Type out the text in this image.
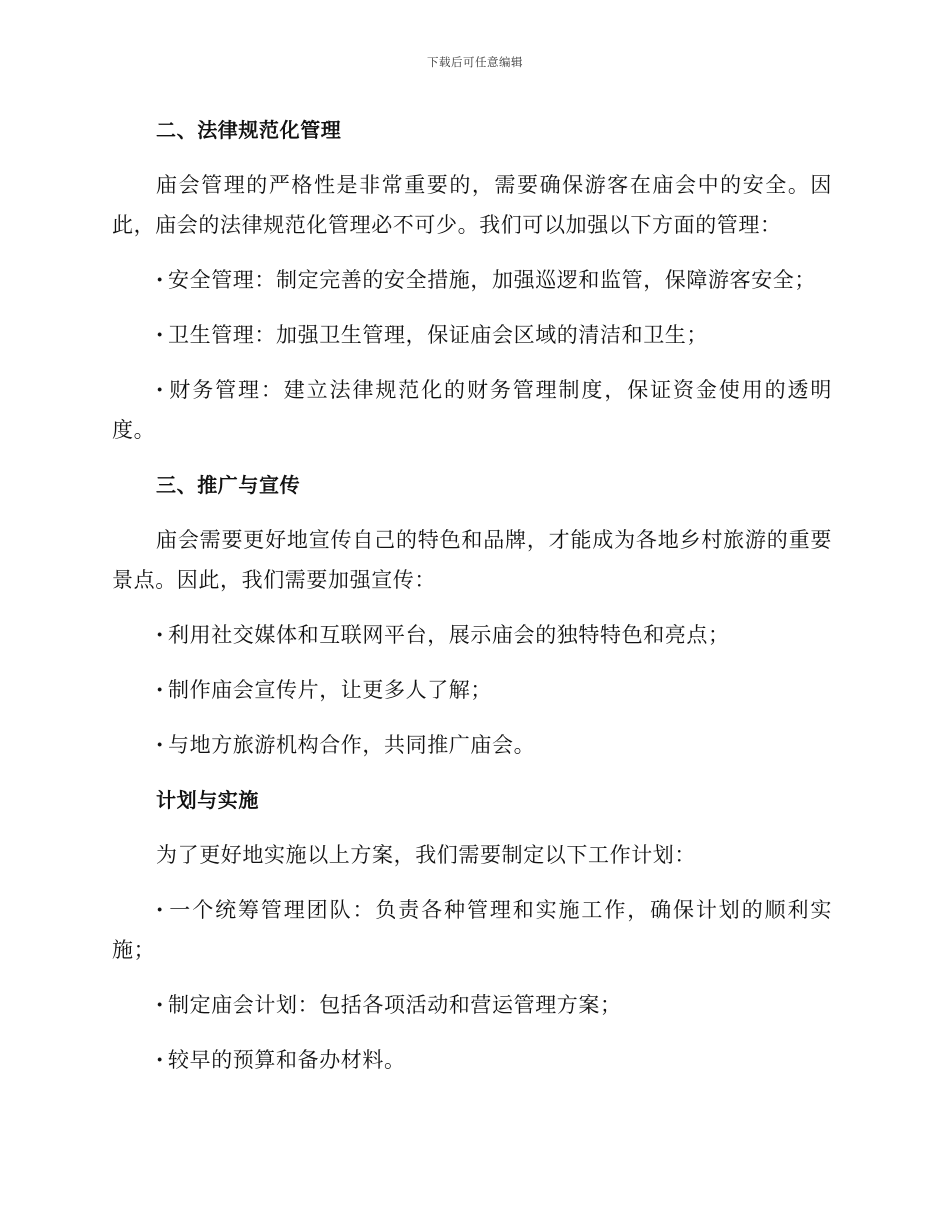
下载后可任意编辑

二、法律规范化管理

庙会管理的严格性是非常重要的，需要确保游客在庙会中的安全。因此，庙会的法律规范化管理必不可少。我们可以加强以下方面的管理：

· 安全管理：制定完善的安全措施，加强巡逻和监管，保障游客安全；

· 卫生管理：加强卫生管理，保证庙会区域的清洁和卫生；

· 财务管理：建立法律规范化的财务管理制度，保证资金使用的透明度。

三、推广与宣传

庙会需要更好地宣传自己的特色和品牌，才能成为各地乡村旅游的重要景点。因此，我们需要加强宣传：

· 利用社交媒体和互联网平台，展示庙会的独特特色和亮点；

· 制作庙会宣传片，让更多人了解；

· 与地方旅游机构合作，共同推广庙会。

计划与实施

为了更好地实施以上方案，我们需要制定以下工作计划：

· 一个统筹管理团队：负责各种管理和实施工作，确保计划的顺利实施；

· 制定庙会计划：包括各项活动和营运管理方案；

· 较早的预算和备办材料。
